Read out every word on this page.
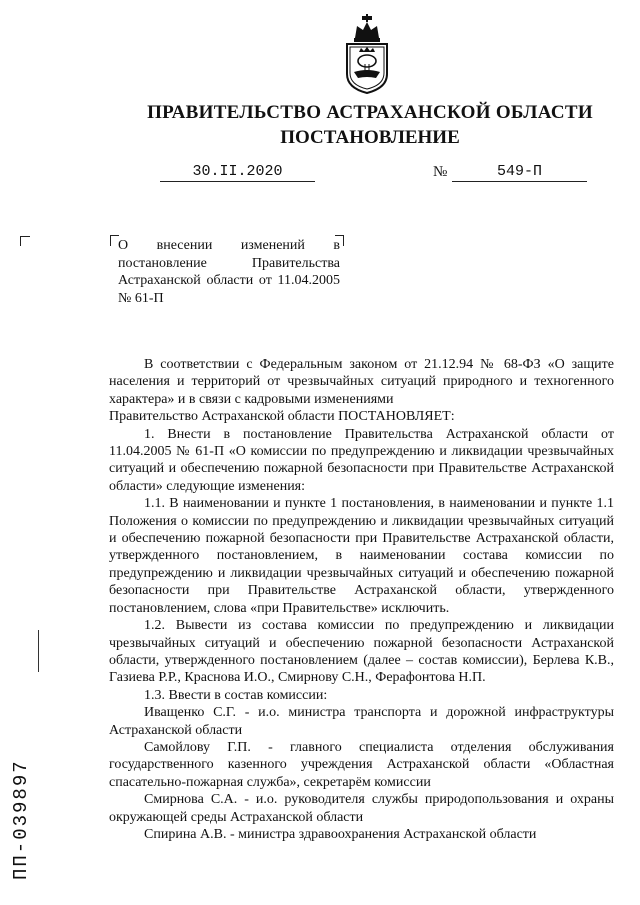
ПРАВИТЕЛЬСТВО АСТРАХАНСКОЙ ОБЛАСТИ
ПОСТАНОВЛЕНИЕ
30.II.2020	№	549-П
О внесении изменений в постановление Правительства Астраханской области от 11.04.2005 № 61-П

В соответствии с Федеральным законом от 21.12.94 № 68-ФЗ «О защите населения и территорий от чрезвычайных ситуаций природного и техногенного характера» и в связи с кадровыми изменениями

Правительство Астраханской области ПОСТАНОВЛЯЕТ:

1. Внести в постановление Правительства Астраханской области от 11.04.2005 № 61-П «О комиссии по предупреждению и ликвидации чрезвычайных ситуаций и обеспечению пожарной безопасности при Правительстве Астраханской области» следующие изменения:

1.1. В наименовании и пункте 1 постановления, в наименовании и пункте 1.1 Положения о комиссии по предупреждению и ликвидации чрезвычайных ситуаций и обеспечению пожарной безопасности при Правительстве Астраханской области, утвержденного постановлением, в наименовании состава комиссии по предупреждению и ликвидации чрезвычайных ситуаций и обеспечению пожарной безопасности при Правительстве Астраханской области, утвержденного постановлением, слова «при Правительстве» исключить.

1.2. Вывести из состава комиссии по предупреждению и ликвидации чрезвычайных ситуаций и обеспечению пожарной безопасности Астраханской области, утвержденного постановлением (далее – состав комиссии), Берлева К.В., Газиева Р.Р., Краснова И.О., Смирнову С.Н., Ферафонтова Н.П.

1.3. Ввести в состав комиссии:

Иващенко С.Г. - и.о. министра транспорта и дорожной инфраструктуры Астраханской области

Самойлову Г.П. - главного специалиста отделения обслуживания государственного казенного учреждения Астраханской области «Областная спасательно-пожарная служба», секретарём комиссии

Смирнова С.А. - и.о. руководителя службы природопользования и охраны окружающей среды Астраханской области

Спирина А.В. - министра здравоохранения Астраханской области

ПП-039897
